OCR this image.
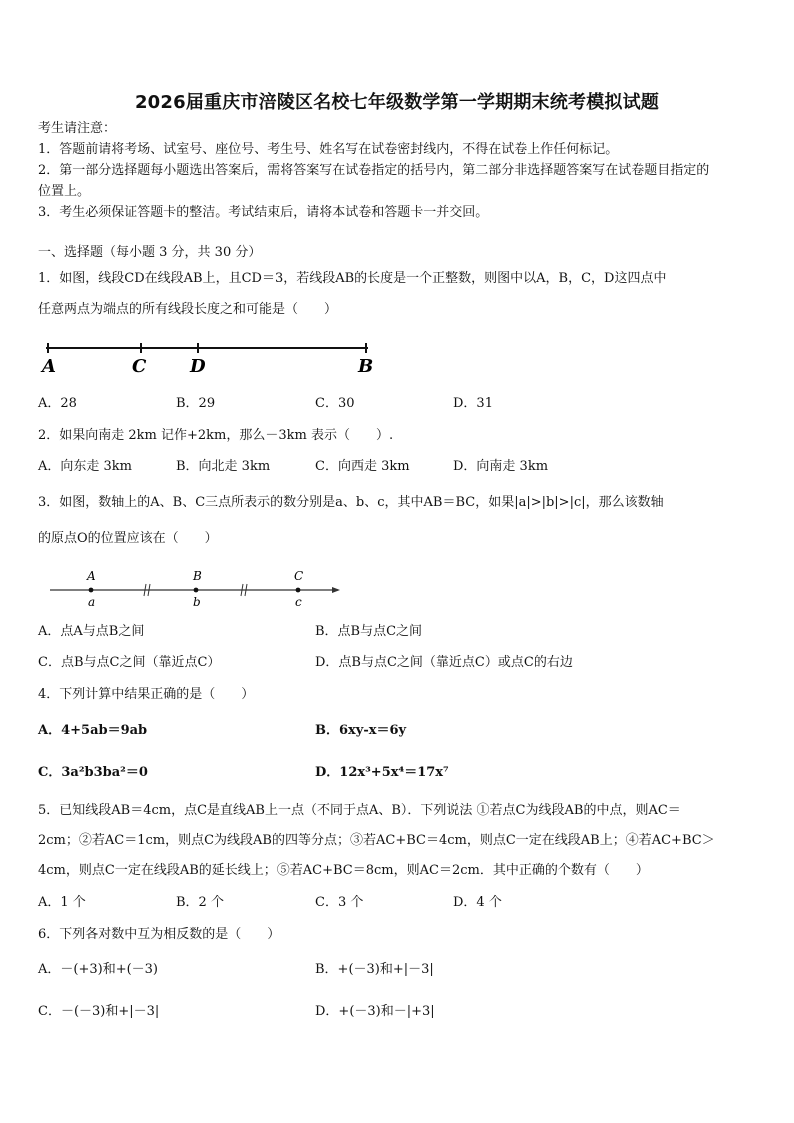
2026届重庆市涪陵区名校七年级数学第一学期期末统考模拟试题
考生请注意：
1．答题前请将考场、试室号、座位号、考生号、姓名写在试卷密封线内，不得在试卷上作任何标记。
2．第一部分选择题每小题选出答案后，需将答案写在试卷指定的括号内，第二部分非选择题答案写在试卷题目指定的
位置上。
3．考生必须保证答题卡的整洁。考试结束后，请将本试卷和答题卡一并交回。
一、选择题（每小题 3 分，共 30 分）
1．如图，线段CD在线段AB上，且CD＝3，若线段AB的长度是一个正整数，则图中以A，B，C，D这四点中
任意两点为端点的所有线段长度之和可能是（　　）
A	C D	B
A．28	B．29	C．30	D．31
2．如果向南走 2km 记作+2km，那么－3km 表示（　　）.
A．向东走 3km	B．向北走 3km	C．向西走 3km	D．向南走 3km
3．如图，数轴上的A、B、C三点所表示的数分别是a、b、c，其中AB＝BC，如果|a|>|b|>|c|，那么该数轴
的原点O的位置应该在（　　）
A	B	C
a	b	c
A．点A与点B之间	B．点B与点C之间
C．点B与点C之间（靠近点C）	D．点B与点C之间（靠近点C）或点C的右边
4．下列计算中结果正确的是（　　）
A．4+5ab＝9ab	B．6xy-x＝6y
C．3a²b3ba²＝0	D．12x³+5x⁴＝17x⁷
5．已知线段AB＝4cm，点C是直线AB上一点（不同于点A、B）．下列说法 ①若点C为线段AB的中点，则AC＝
2cm；②若AC＝1cm，则点C为线段AB的四等分点；③若AC+BC＝4cm，则点C一定在线段AB上；④若AC+BC＞
4cm，则点C一定在线段AB的延长线上；⑤若AC+BC＝8cm，则AC＝2cm．其中正确的个数有（　　）
A．1 个	B．2 个	C．3 个	D．4 个
6．下列各对数中互为相反数的是（　　）
A．－(+3)和+(－3)	B．+(－3)和+|－3|
C．－(－3)和+|－3|	D．+(－3)和－|+3|
